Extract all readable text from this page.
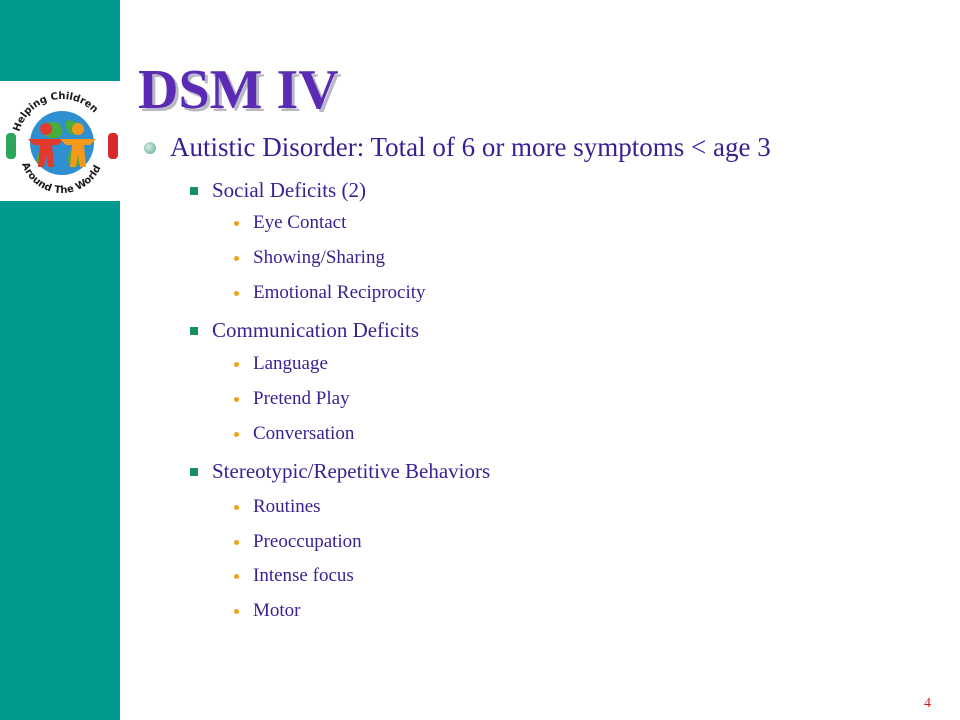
Helping Children
Around The World
DSM IV
Autistic Disorder: Total of 6 or more symptoms < age 3
Social Deficits (2)
Eye Contact
Showing/Sharing
Emotional Reciprocity
Communication Deficits
Language
Pretend Play
Conversation
Stereotypic/Repetitive Behaviors
Routines
Preoccupation
Intense focus
Motor
4
